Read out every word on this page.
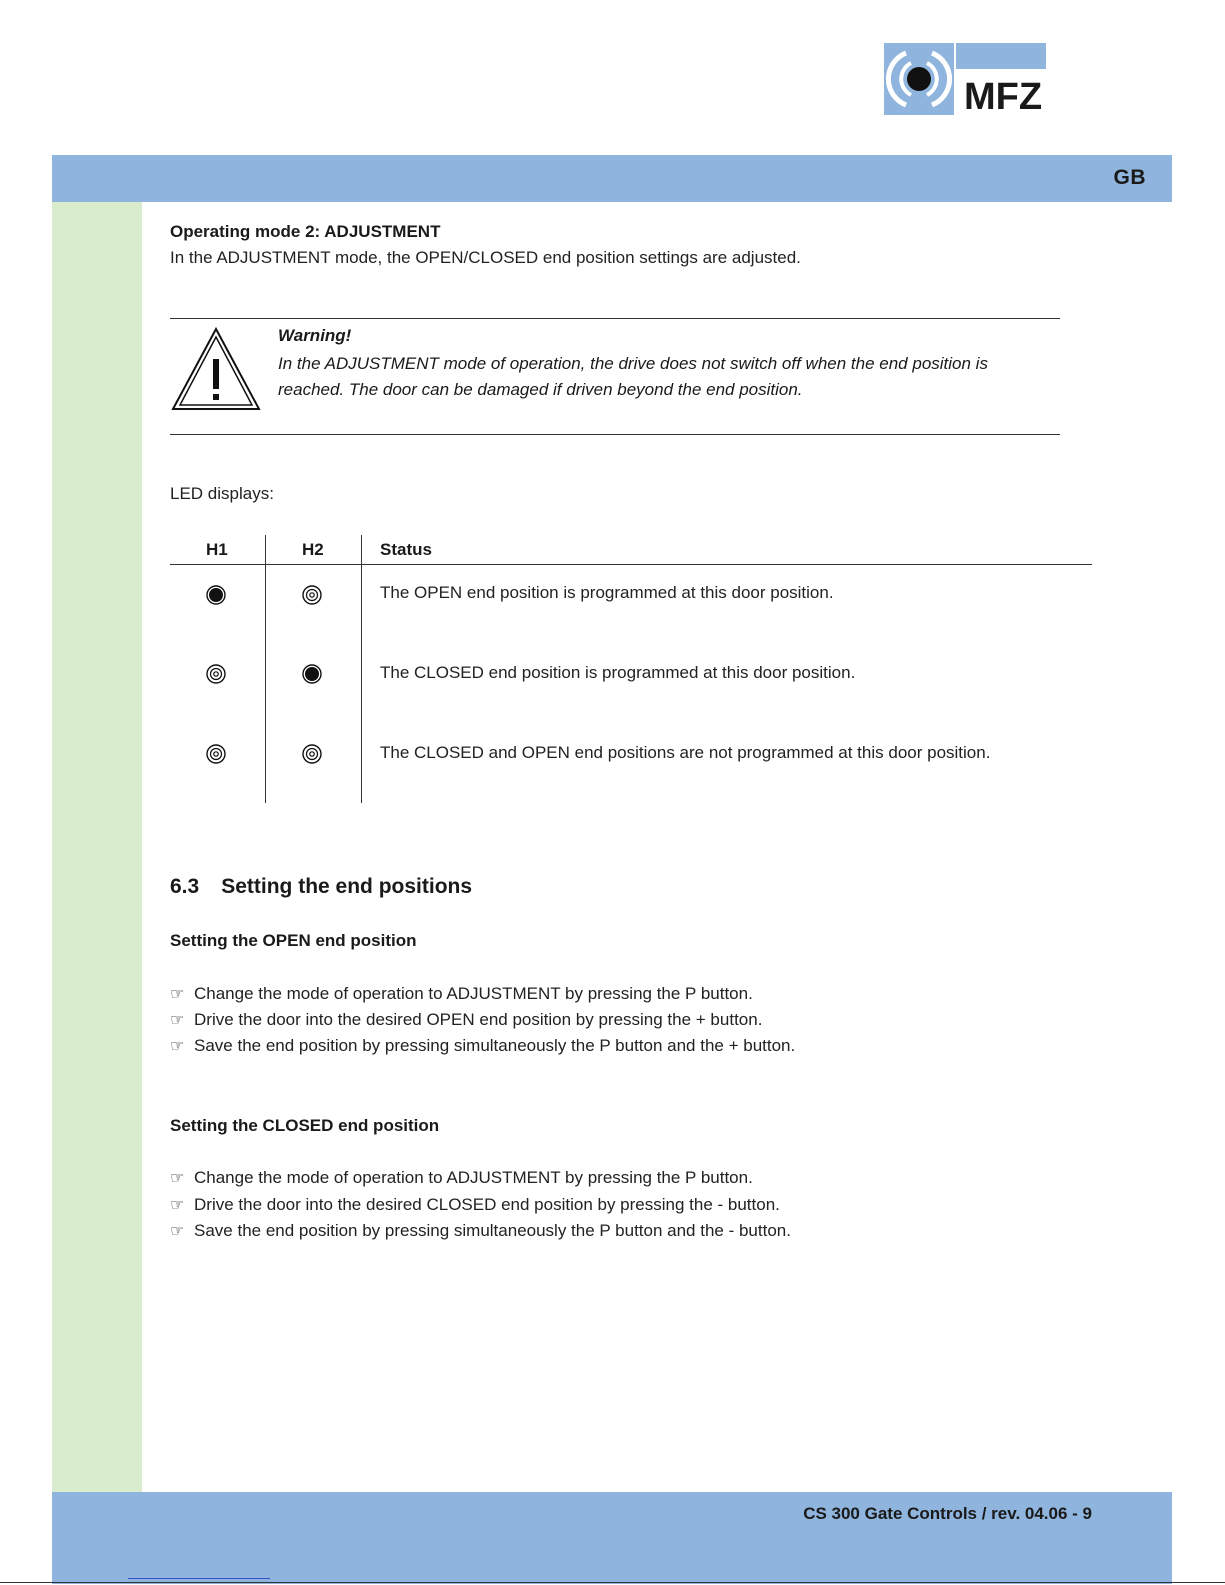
MFZ
GB
Operating mode 2: ADJUSTMENT
In the ADJUSTMENT mode, the OPEN/CLOSED end position settings are adjusted.
Warning!
In the ADJUSTMENT mode of operation, the drive does not switch off when the end position is reached. The door can be damaged if driven beyond the end position.
LED displays:
H1	H2	Status
The OPEN end position is programmed at this door position.
The CLOSED end position is programmed at this door position.
The CLOSED and OPEN end positions are not programmed at this door position.
6.3 Setting the end positions
Setting the OPEN end position
☞ Change the mode of operation to ADJUSTMENT by pressing the P button.
☞ Drive the door into the desired OPEN end position by pressing the + button.
☞ Save the end position by pressing simultaneously the P button and the + button.
Setting the CLOSED end position
☞ Change the mode of operation to ADJUSTMENT by pressing the P button.
☞ Drive the door into the desired CLOSED end position by pressing the - button.
☞ Save the end position by pressing simultaneously the P button and the - button.
CS 300 Gate Controls / rev. 04.06 - 9
